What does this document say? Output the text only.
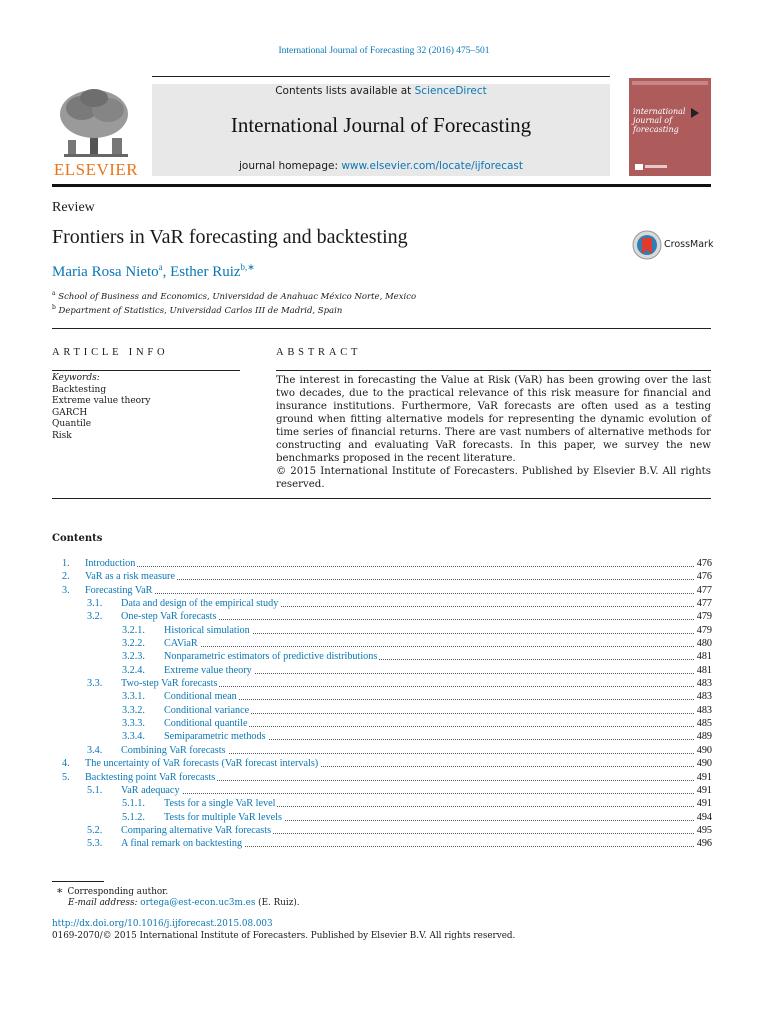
International Journal of Forecasting 32 (2016) 475–501
Contents lists available at ScienceDirect
International Journal of Forecasting
journal homepage: www.elsevier.com/locate/ijforecast
ELSEVIER
international journal of forecasting
Review
Frontiers in VaR forecasting and backtesting	CrossMark
Maria Rosa Nieto$^a$, Esther Ruiz$^{b,∗}$
$^a$ School of Business and Economics, Universidad de Anahuac México Norte, Mexico
$^b$ Department of Statistics, Universidad Carlos III de Madrid, Spain
ARTICLE INFO	ABSTRACT
Keywords:
Backtesting
Extreme value theory
GARCH
Quantile
Risk
The interest in forecasting the Value at Risk (VaR) has been growing over the last two decades, due to the practical relevance of this risk measure for financial and insurance institutions. Furthermore, VaR forecasts are often used as a testing ground when fitting alternative models for representing the dynamic evolution of time series of financial returns. There are vast numbers of alternative methods for constructing and evaluating VaR forecasts. In this paper, we survey the new benchmarks proposed in the recent literature.
© 2015 International Institute of Forecasters. Published by Elsevier B.V. All rights reserved.
Contents
1. Introduction	476
2. VaR as a risk measure	476
3. Forecasting VaR	477
3.1. Data and design of the empirical study	477
3.2. One-step VaR forecasts	479
3.2.1. Historical simulation	479
3.2.2. CAViaR	480
3.2.3. Nonparametric estimators of predictive distributions	481
3.2.4. Extreme value theory	481
3.3. Two-step VaR forecasts	483
3.3.1. Conditional mean	483
3.3.2. Conditional variance	483
3.3.3. Conditional quantile	485
3.3.4. Semiparametric methods	489
3.4. Combining VaR forecasts	490
4. The uncertainty of VaR forecasts (VaR forecast intervals)	490
5. Backtesting point VaR forecasts	491
5.1. VaR adequacy	491
5.1.1. Tests for a single VaR level	491
5.1.2. Tests for multiple VaR levels	494
5.2. Comparing alternative VaR forecasts	495
5.3. A final remark on backtesting	496
∗ Corresponding author.
E-mail address: ortega@est-econ.uc3m.es (E. Ruiz).
http://dx.doi.org/10.1016/j.ijforecast.2015.08.003
0169-2070/© 2015 International Institute of Forecasters. Published by Elsevier B.V. All rights reserved.
